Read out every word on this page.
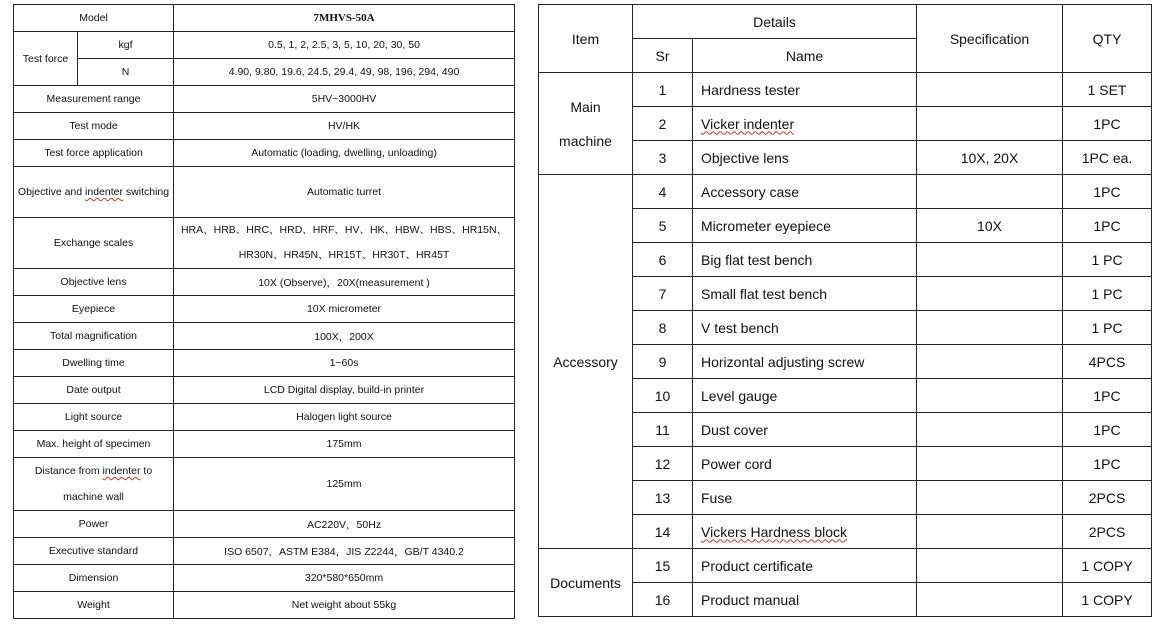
Model		7MHVS-50A
Test force	kgf	0.5, 1, 2, 2.5, 3, 5, 10, 20, 30, 50
	N	4.90, 9.80, 19.6, 24.5, 29.4, 49, 98, 196, 294, 490
Measurement range		5HV~3000HV
Test mode		HV/HK
Test force application		Automatic (loading, dwelling, unloading)
Objective and indenter switching		Automatic turret
Exchange scales		HRA、HRB、HRC、HRD、HRF、HV、HK、HBW、HBS、HR15N、HR30N、HR45N、HR15T、HR30T、HR45T
Objective lens		10X (Observe)，20X(measurement )
Eyepiece		10X micrometer
Total magnification		100X，200X
Dwelling time		1~60s
Date output		LCD Digital display, build-in printer
Light source		Halogen light source
Max. height of specimen		175mm
Distance from indenter to machine wall		125mm
Power		AC220V，50Hz
Executive standard		ISO 6507，ASTM E384，JIS Z2244，GB/T 4340.2
Dimension		320*580*650mm
Weight		Net weight about 55kg
Item	Details		Specification	QTY
	Sr	Name		
Main machine	1	Hardness tester		1 SET
	2	Vicker indenter		1PC
	3	Objective lens	10X, 20X	1PC ea.
Accessory	4	Accessory case		1PC
	5	Micrometer eyepiece	10X	1PC
	6	Big flat test bench		1 PC
	7	Small flat test bench		1 PC
	8	V test bench		1 PC
	9	Horizontal adjusting screw		4PCS
	10	Level gauge		1PC
	11	Dust cover		1PC
	12	Power cord		1PC
	13	Fuse		2PCS
	14	Vickers Hardness block		2PCS
Documents	15	Product certificate		1 COPY
	16	Product manual		1 COPY
